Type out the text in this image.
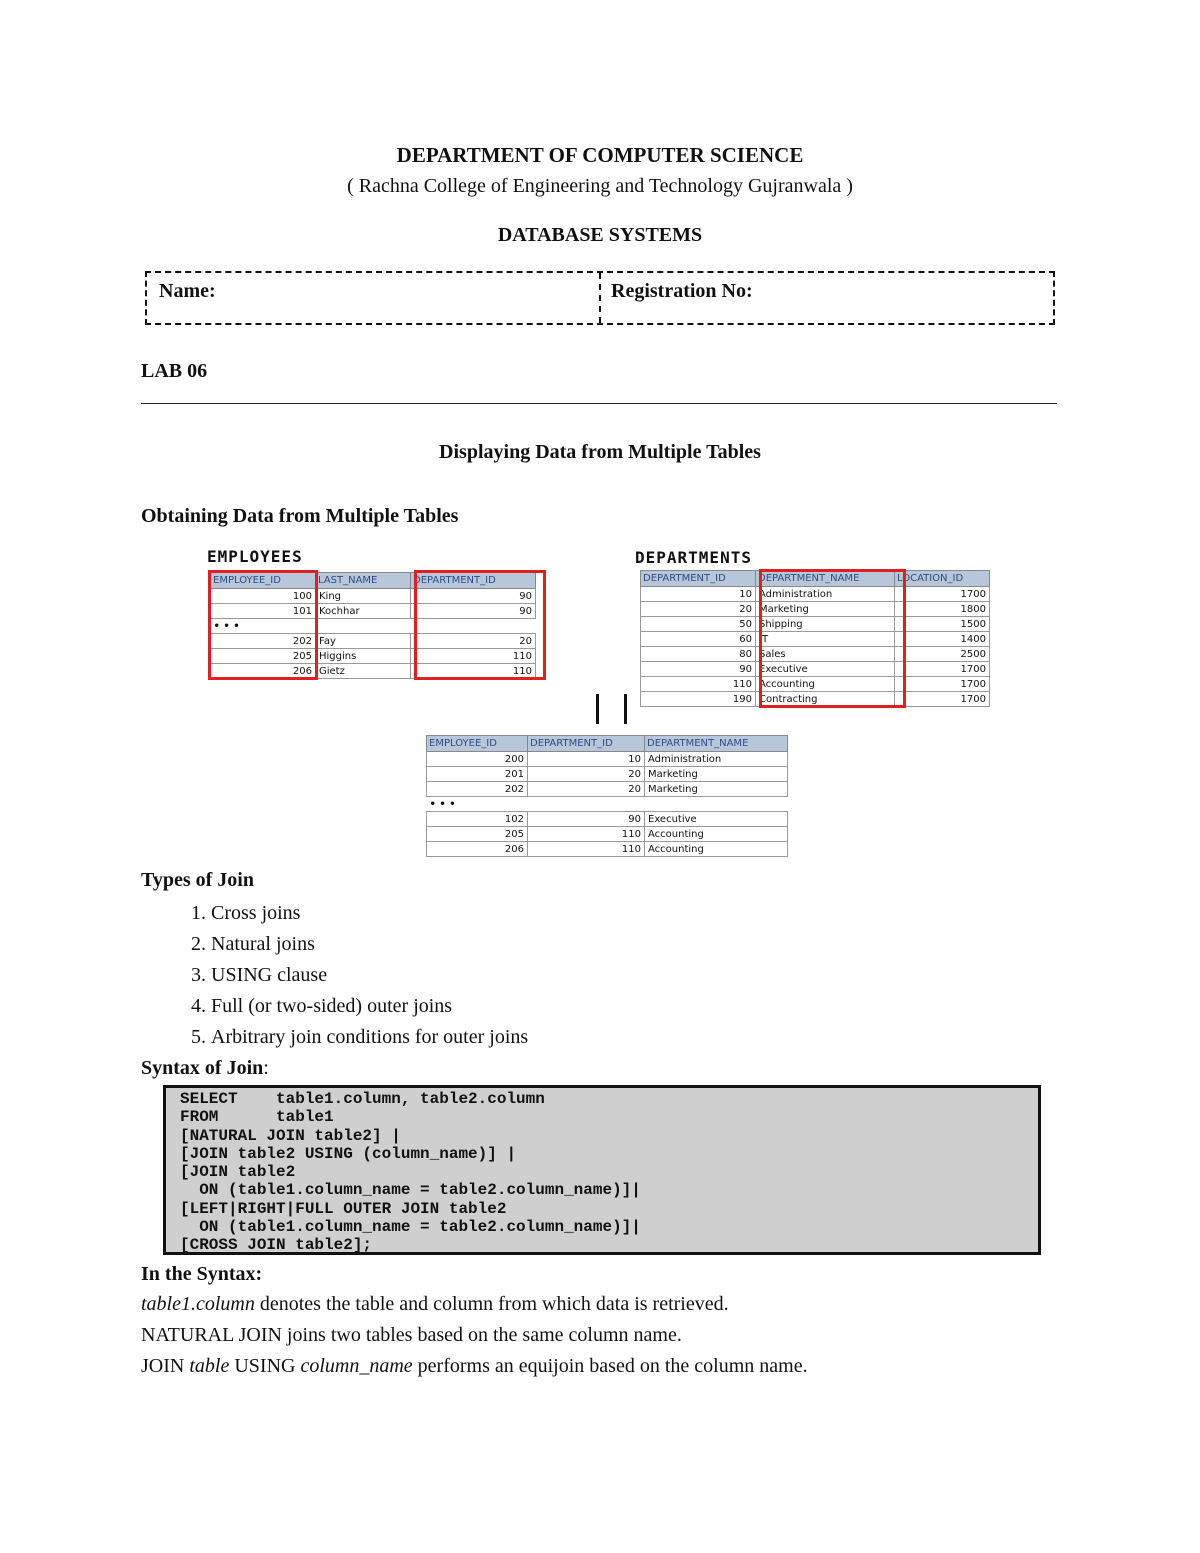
DEPARTMENT OF COMPUTER SCIENCE
( Rachna College of Engineering and Technology Gujranwala )
DATABASE SYSTEMS
Name:	Registration No:
LAB 06
Displaying Data from Multiple Tables
Obtaining Data from Multiple Tables
EMPLOYEES
EMPLOYEE_ID	LAST_NAME	DEPARTMENT_ID
100	King	90
101	Kochhar	90
• • •		
202	Fay	20
205	Higgins	110
206	Gietz	110
DEPARTMENTS
DEPARTMENT_ID	DEPARTMENT_NAME	LOCATION_ID
10	Administration	1700
20	Marketing	1800
50	Shipping	1500
60	IT	1400
80	Sales	2500
90	Executive	1700
110	Accounting	1700
190	Contracting	1700
EMPLOYEE_ID	DEPARTMENT_ID	DEPARTMENT_NAME
200	10	Administration
201	20	Marketing
202	20	Marketing
• • •		
102	90	Executive
205	110	Accounting
206	110	Accounting
Types of Join
1. Cross joins
2. Natural joins
3. USING clause
4. Full (or two-sided) outer joins
5. Arbitrary join conditions for outer joins
Syntax of Join:
SELECT    table1.column, table2.column
FROM      table1
[NATURAL JOIN table2] |
[JOIN table2 USING (column_name)] |
[JOIN table2
ON (table1.column_name = table2.column_name)]|
[LEFT|RIGHT|FULL OUTER JOIN table2
ON (table1.column_name = table2.column_name)]|
[CROSS JOIN table2];
In the Syntax:
table1.column denotes the table and column from which data is retrieved.
NATURAL JOIN joins two tables based on the same column name.
JOIN table USING column_name performs an equijoin based on the column name.
